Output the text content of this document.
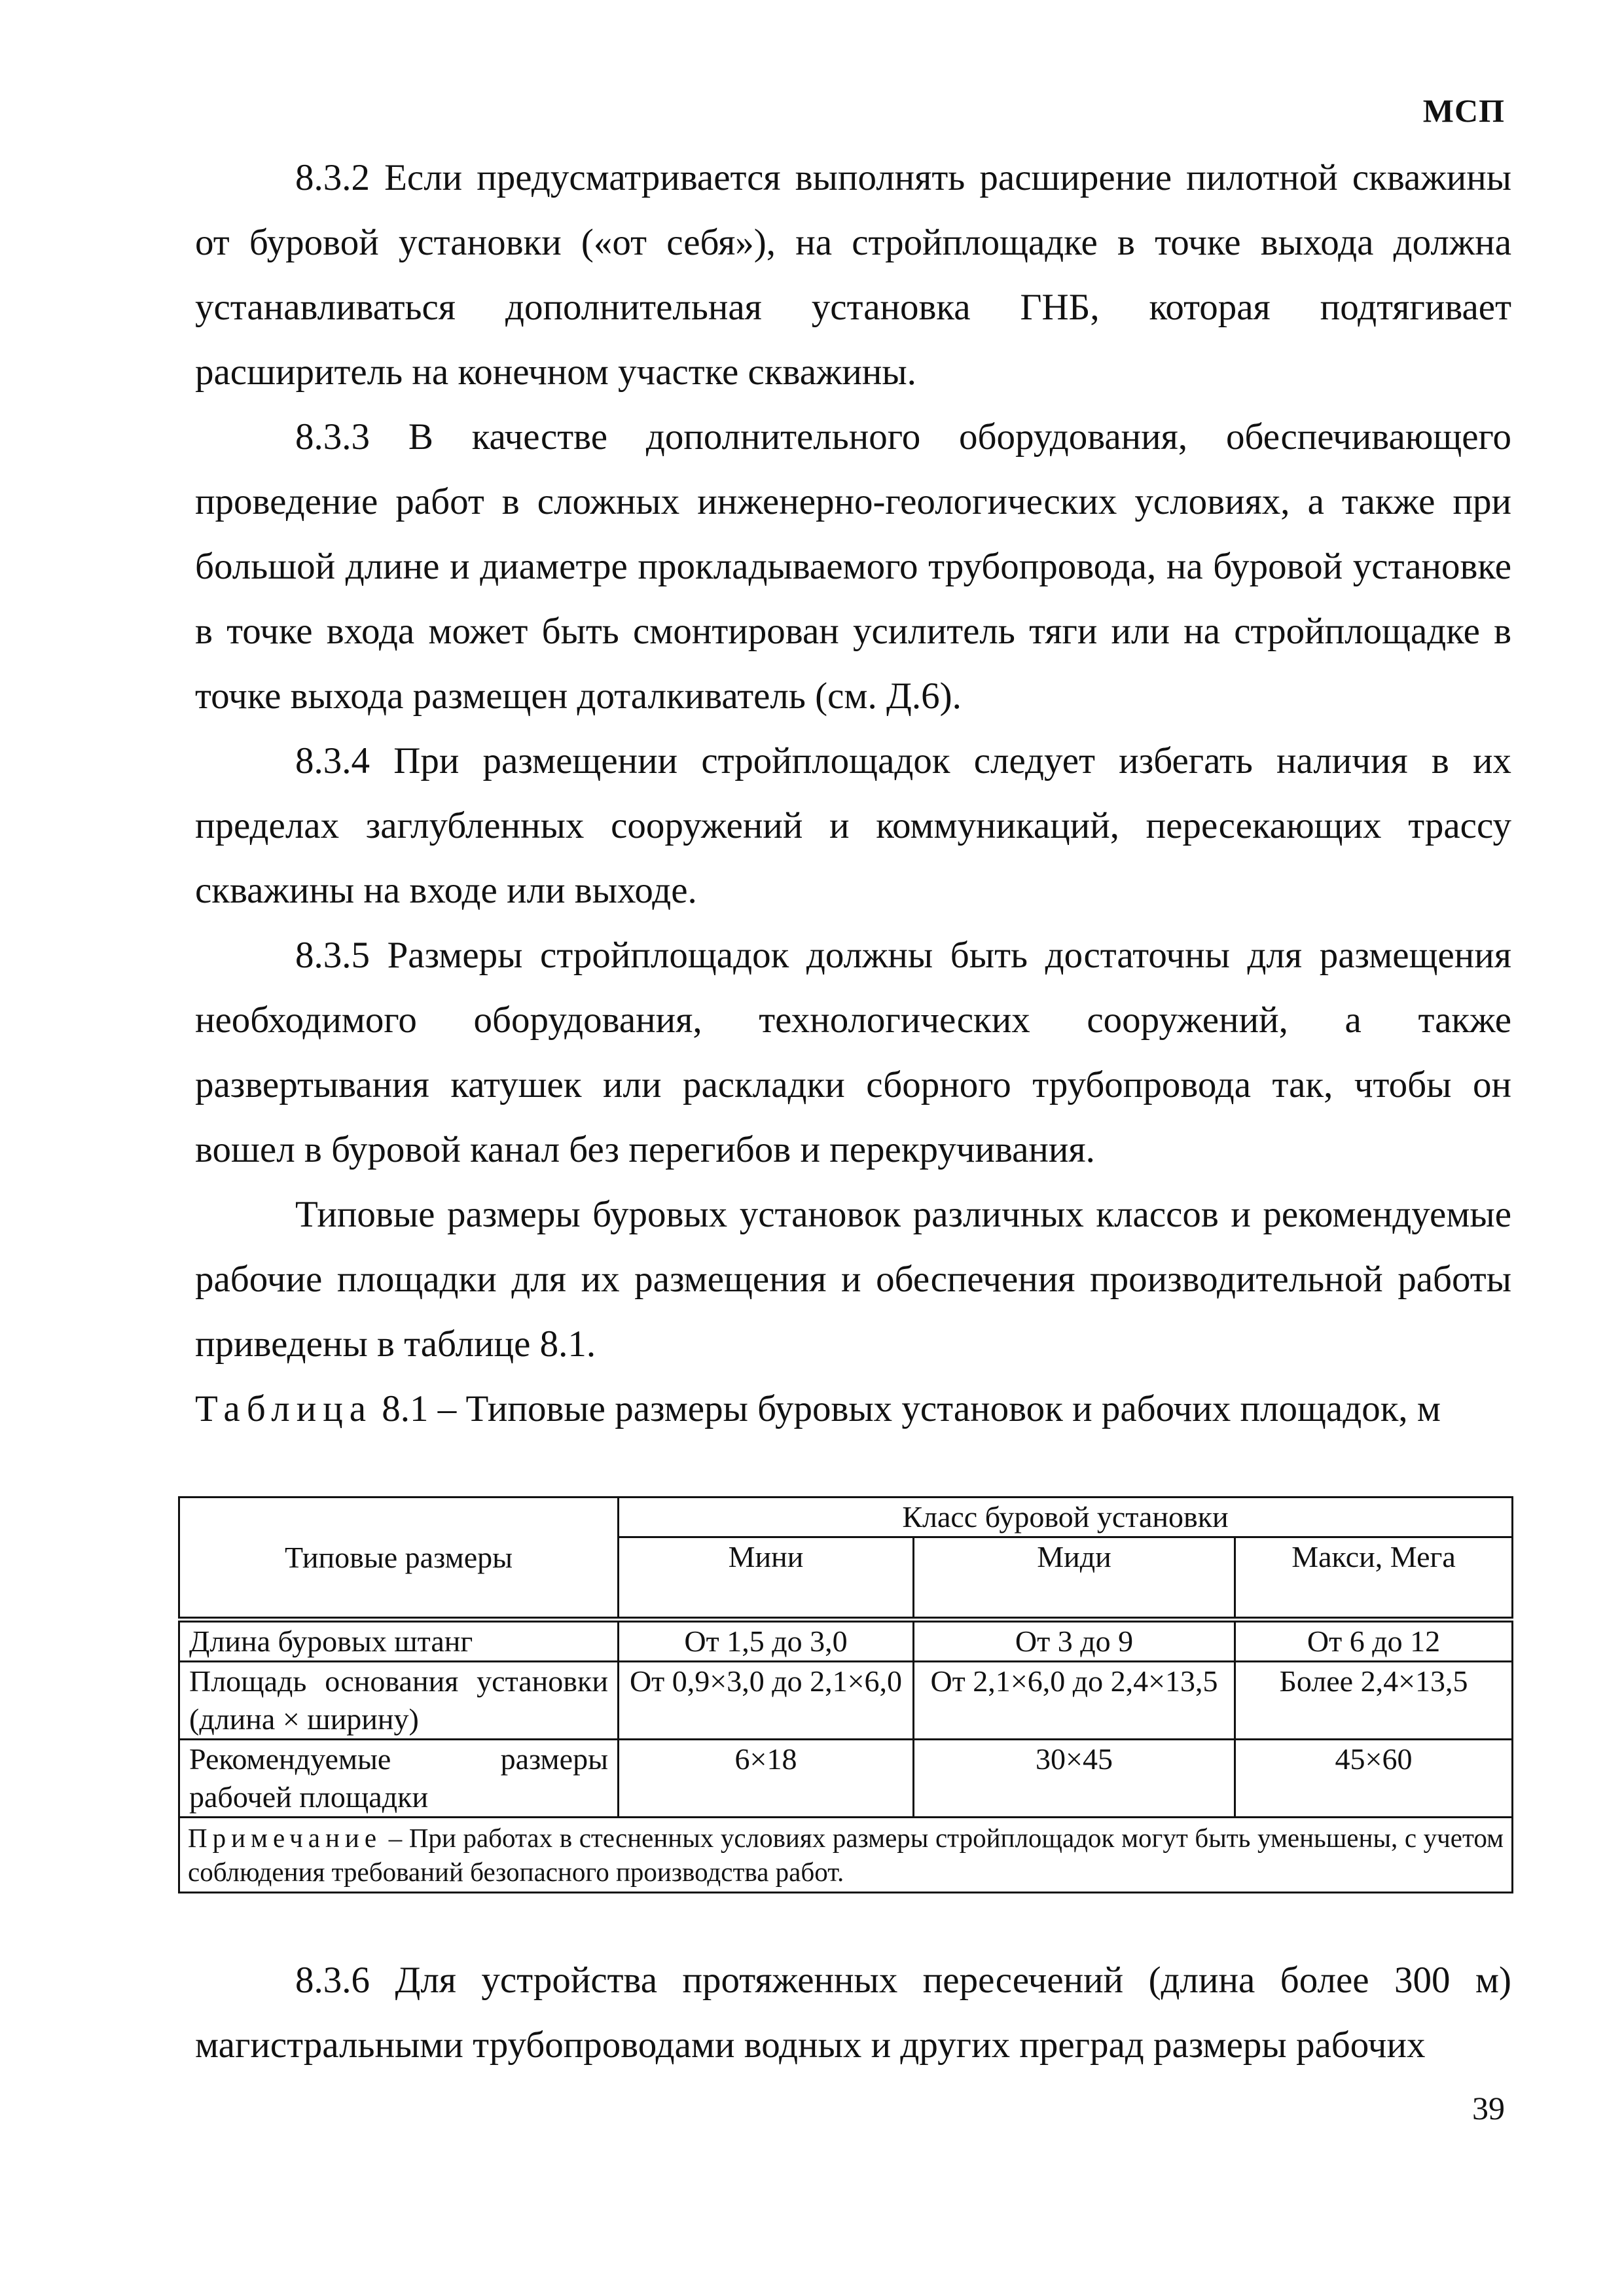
МСП

8.3.2 Если предусматривается выполнять расширение пилотной скважины от буровой установки («от себя»), на стройплощадке в точке выхода должна устанавливаться дополнительная установка ГНБ, которая подтягивает расширитель на конечном участке скважины.

8.3.3 В качестве дополнительного оборудования, обеспечивающего проведение работ в сложных инженерно-геологических условиях, а также при большой длине и диаметре прокладываемого трубопровода, на буровой установке в точке входа может быть смонтирован усилитель тяги или на стройплощадке в точке выхода размещен доталкиватель (см. Д.6).

8.3.4 При размещении стройплощадок следует избегать наличия в их пределах заглубленных сооружений и коммуникаций, пересекающих трассу скважины на входе или выходе.

8.3.5 Размеры стройплощадок должны быть достаточны для размещения необходимого оборудования, технологических сооружений, а также развертывания катушек или раскладки сборного трубопровода так, чтобы он вошел в буровой канал без перегибов и перекручивания.

Типовые размеры буровых установок различных классов и рекомендуемые рабочие площадки для их размещения и обеспечения производительной работы приведены в таблице 8.1.

Таблица 8.1 – Типовые размеры буровых установок и рабочих площадок, м

Типовые размеры	Класс буровой установки		
	Мини	Миди	Макси, Мега
Длина буровых штанг	От 1,5 до 3,0	От 3 до 9	От 6 до 12
Площадь основания установки (длина × ширину)	От 0,9×3,0 до 2,1×6,0	От 2,1×6,0 до 2,4×13,5	Более 2,4×13,5
Рекомендуемые размеры рабочей площадки	6×18	30×45	45×60
Примечание – При работах в стесненных условиях размеры стройплощадок могут быть уменьшены, с учетом соблюдения требований безопасного производства работ.			

8.3.6 Для устройства протяженных пересечений (длина более 300 м) магистральными трубопроводами водных и других преград размеры рабочих

39
